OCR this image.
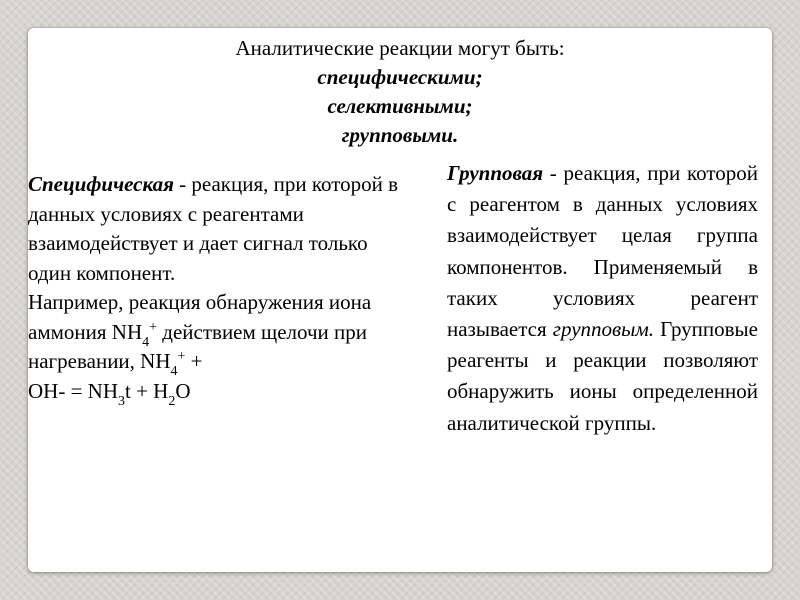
Аналитические реакции могут быть:
специфическими;
селективными;
групповыми.
Специфическая - реакция, при которой в данных условиях с реагентами взаимодействует и дает сигнал только один компонент.
Например, реакция обнаружения иона аммония $NH_4^+$ действием щелочи при нагревании, $NH_4^+$ +
$OH- = NH_3t + H_2O$
Групповая - реакция, при которой с реагентом в данных условиях взаимодействует целая группа компонентов. Применяемый в таких условиях реагент называется групповым. Групповые реагенты и реакции позволяют обнаружить ионы определенной аналитической группы.
